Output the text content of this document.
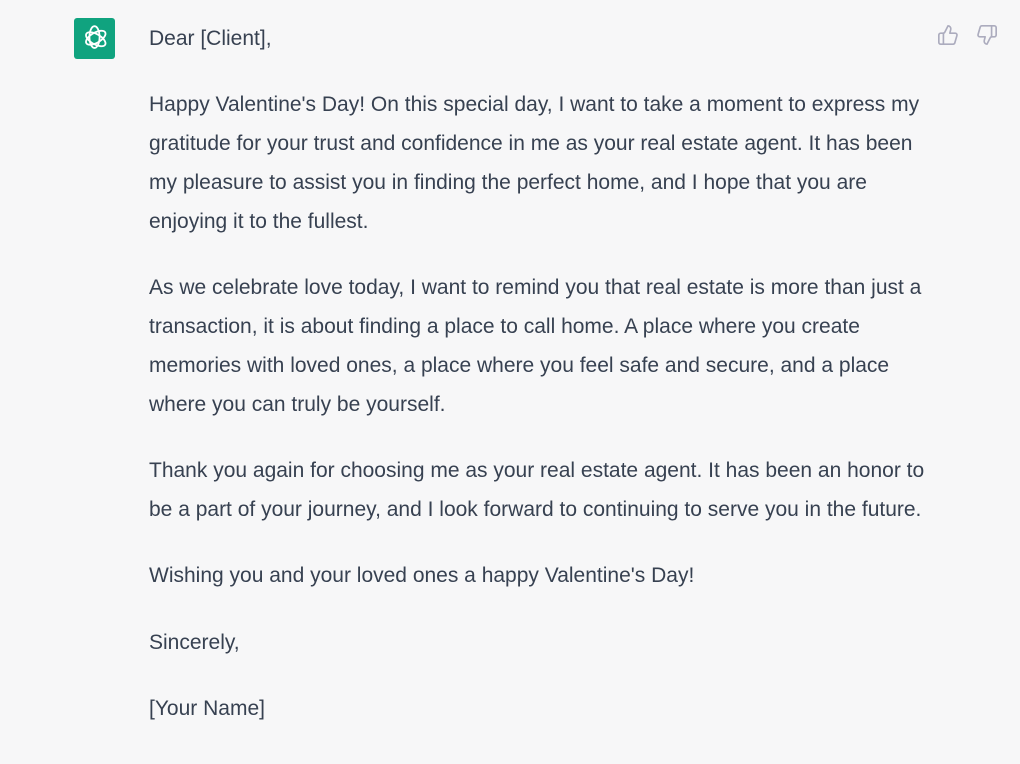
Dear [Client],

Happy Valentine's Day! On this special day, I want to take a moment to express my gratitude for your trust and confidence in me as your real estate agent. It has been my pleasure to assist you in finding the perfect home, and I hope that you are enjoying it to the fullest.

As we celebrate love today, I want to remind you that real estate is more than just a transaction, it is about finding a place to call home. A place where you create memories with loved ones, a place where you feel safe and secure, and a place where you can truly be yourself.

Thank you again for choosing me as your real estate agent. It has been an honor to be a part of your journey, and I look forward to continuing to serve you in the future.

Wishing you and your loved ones a happy Valentine's Day!

Sincerely,

[Your Name]
